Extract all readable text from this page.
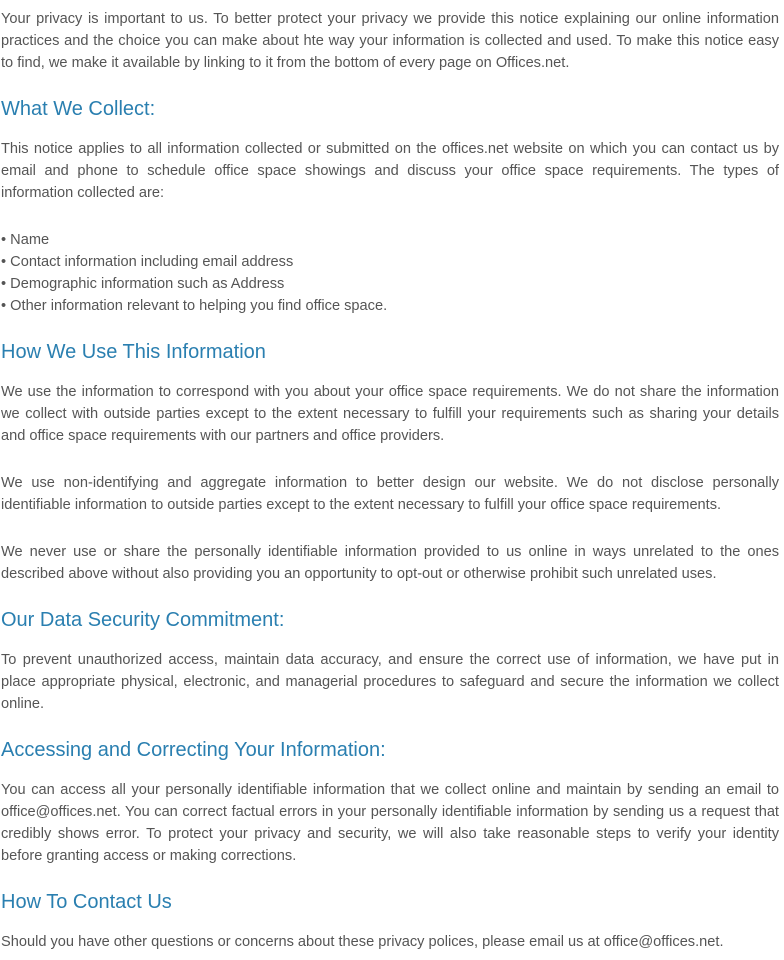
Your privacy is important to us. To better protect your privacy we provide this notice explaining our online information practices and the choice you can make about hte way your information is collected and used. To make this notice easy to find, we make it available by linking to it from the bottom of every page on Offices.net.

What We Collect:

This notice applies to all information collected or submitted on the offices.net website on which you can contact us by email and phone to schedule office space showings and discuss your office space requirements. The types of information collected are:

• Name
• Contact information including email address
• Demographic information such as Address
• Other information relevant to helping you find office space.
How We Use This Information

We use the information to correspond with you about your office space requirements. We do not share the information we collect with outside parties except to the extent necessary to fulfill your requirements such as sharing your details and office space requirements with our partners and office providers.

We use non-identifying and aggregate information to better design our website. We do not disclose personally identifiable information to outside parties except to the extent necessary to fulfill your office space requirements.

We never use or share the personally identifiable information provided to us online in ways unrelated to the ones described above without also providing you an opportunity to opt-out or otherwise prohibit such unrelated uses.

Our Data Security Commitment:

To prevent unauthorized access, maintain data accuracy, and ensure the correct use of information, we have put in place appropriate physical, electronic, and managerial procedures to safeguard and secure the information we collect online.

Accessing and Correcting Your Information:

You can access all your personally identifiable information that we collect online and maintain by sending an email to office@offices.net. You can correct factual errors in your personally identifiable information by sending us a request that credibly shows error. To protect your privacy and security, we will also take reasonable steps to verify your identity before granting access or making corrections.

How To Contact Us

Should you have other questions or concerns about these privacy polices, please email us at office@offices.net.
